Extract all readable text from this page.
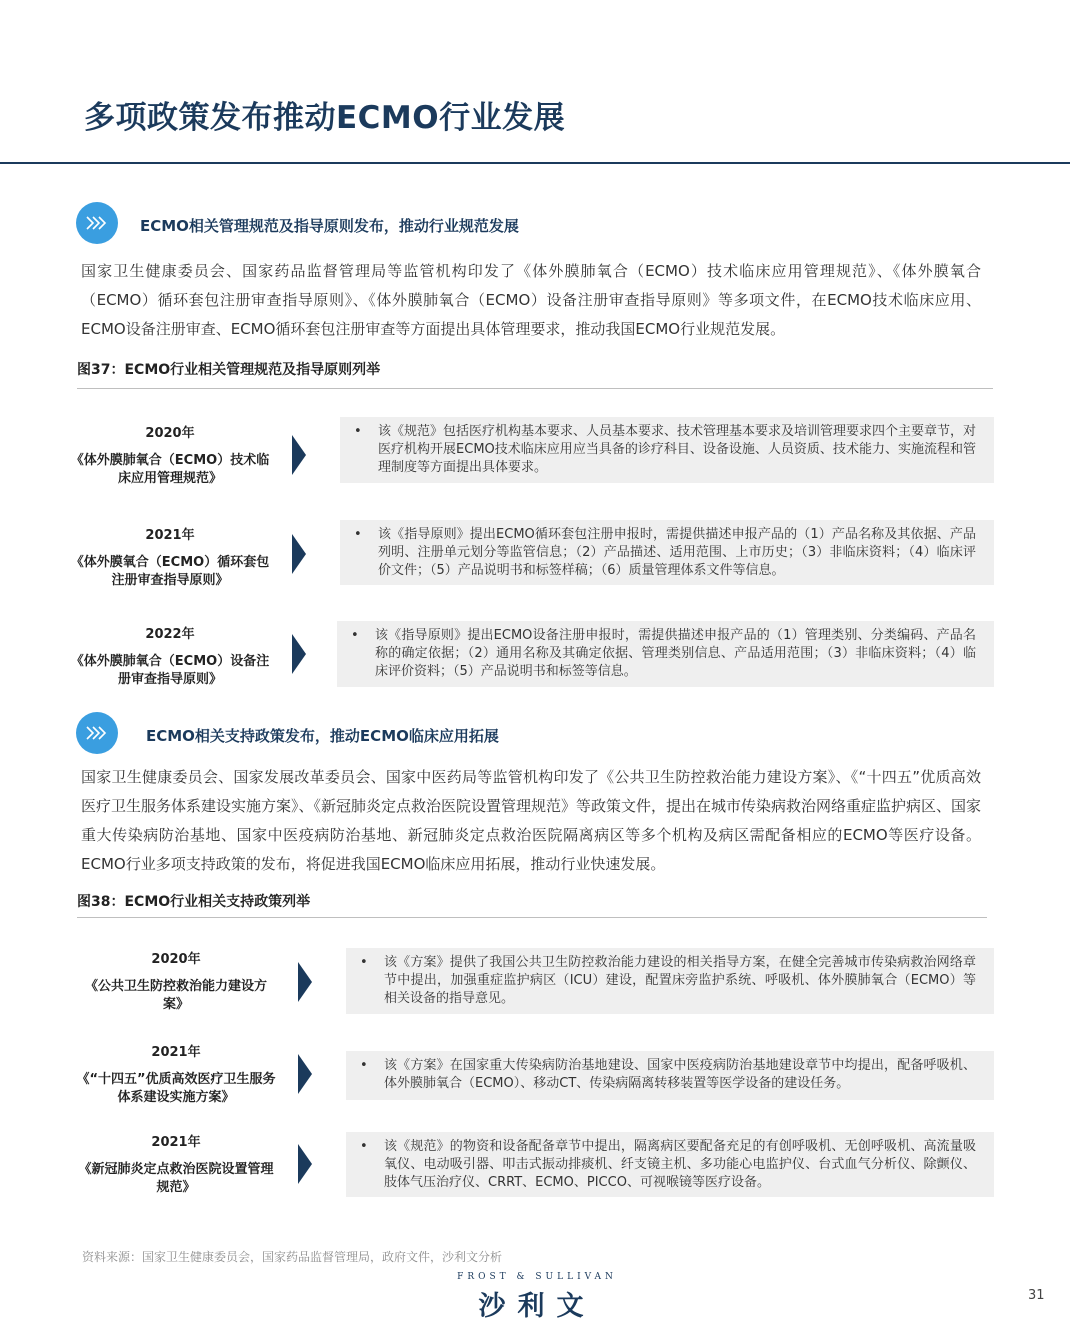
多项政策发布推动ECMO行业发展
ECMO相关管理规范及指导原则发布，推动行业规范发展
国家卫生健康委员会、国家药品监督管理局等监管机构印发了《体外膜肺氧合（ECMO）技术临床应用管理规范》、《体外膜氧合（ECMO）循环套包注册审查指导原则》、《体外膜肺氧合（ECMO）设备注册审查指导原则》等多项文件，在ECMO技术临床应用、ECMO设备注册审查、ECMO循环套包注册审查等方面提出具体管理要求，推动我国ECMO行业规范发展。
图37：ECMO行业相关管理规范及指导原则列举
2020年
《体外膜肺氧合（ECMO）技术临床应用管理规范》
•	该《规范》包括医疗机构基本要求、人员基本要求、技术管理基本要求及培训管理要求四个主要章节，对医疗机构开展ECMO技术临床应用应当具备的诊疗科目、设备设施、人员资质、技术能力、实施流程和管理制度等方面提出具体要求。
2021年
《体外膜氧合（ECMO）循环套包注册审查指导原则》
•	该《指导原则》提出ECMO循环套包注册申报时，需提供描述申报产品的（1）产品名称及其依据、产品列明、注册单元划分等监管信息；（2）产品描述、适用范围、上市历史；（3）非临床资料；（4）临床评价文件；（5）产品说明书和标签样稿；（6）质量管理体系文件等信息。
2022年
《体外膜肺氧合（ECMO）设备注册审查指导原则》
•	该《指导原则》提出ECMO设备注册申报时，需提供描述申报产品的（1）管理类别、分类编码、产品名称的确定依据；（2）通用名称及其确定依据、管理类别信息、产品适用范围；（3）非临床资料；（4）临床评价资料；（5）产品说明书和标签等信息。
ECMO相关支持政策发布，推动ECMO临床应用拓展
国家卫生健康委员会、国家发展改革委员会、国家中医药局等监管机构印发了《公共卫生防控救治能力建设方案》、《“十四五”优质高效医疗卫生服务体系建设实施方案》、《新冠肺炎定点救治医院设置管理规范》等政策文件，提出在城市传染病救治网络重症监护病区、国家重大传染病防治基地、国家中医疫病防治基地、新冠肺炎定点救治医院隔离病区等多个机构及病区需配备相应的ECMO等医疗设备。ECMO行业多项支持政策的发布，将促进我国ECMO临床应用拓展，推动行业快速发展。
图38：ECMO行业相关支持政策列举
2020年
《公共卫生防控救治能力建设方案》
•	该《方案》提供了我国公共卫生防控救治能力建设的相关指导方案，在健全完善城市传染病救治网络章节中提出，加强重症监护病区（ICU）建设，配置床旁监护系统、呼吸机、体外膜肺氧合（ECMO）等相关设备的指导意见。
2021年
《“十四五”优质高效医疗卫生服务体系建设实施方案》
•	该《方案》在国家重大传染病防治基地建设、国家中医疫病防治基地建设章节中均提出，配备呼吸机、体外膜肺氧合（ECMO）、移动CT、传染病隔离转移装置等医学设备的建设任务。
2021年
《新冠肺炎定点救治医院设置管理规范》
•	该《规范》的物资和设备配备章节中提出，隔离病区要配备充足的有创呼吸机、无创呼吸机、高流量吸氧仪、电动吸引器、叩击式振动排痰机、纤支镜主机、多功能心电监护仪、台式血气分析仪、除颤仪、肢体气压治疗仪、CRRT、ECMO、PICCO、可视喉镜等医疗设备。
资料来源：国家卫生健康委员会，国家药品监督管理局，政府文件，沙利文分析
FROST & SULLIVAN
沙利文	31
